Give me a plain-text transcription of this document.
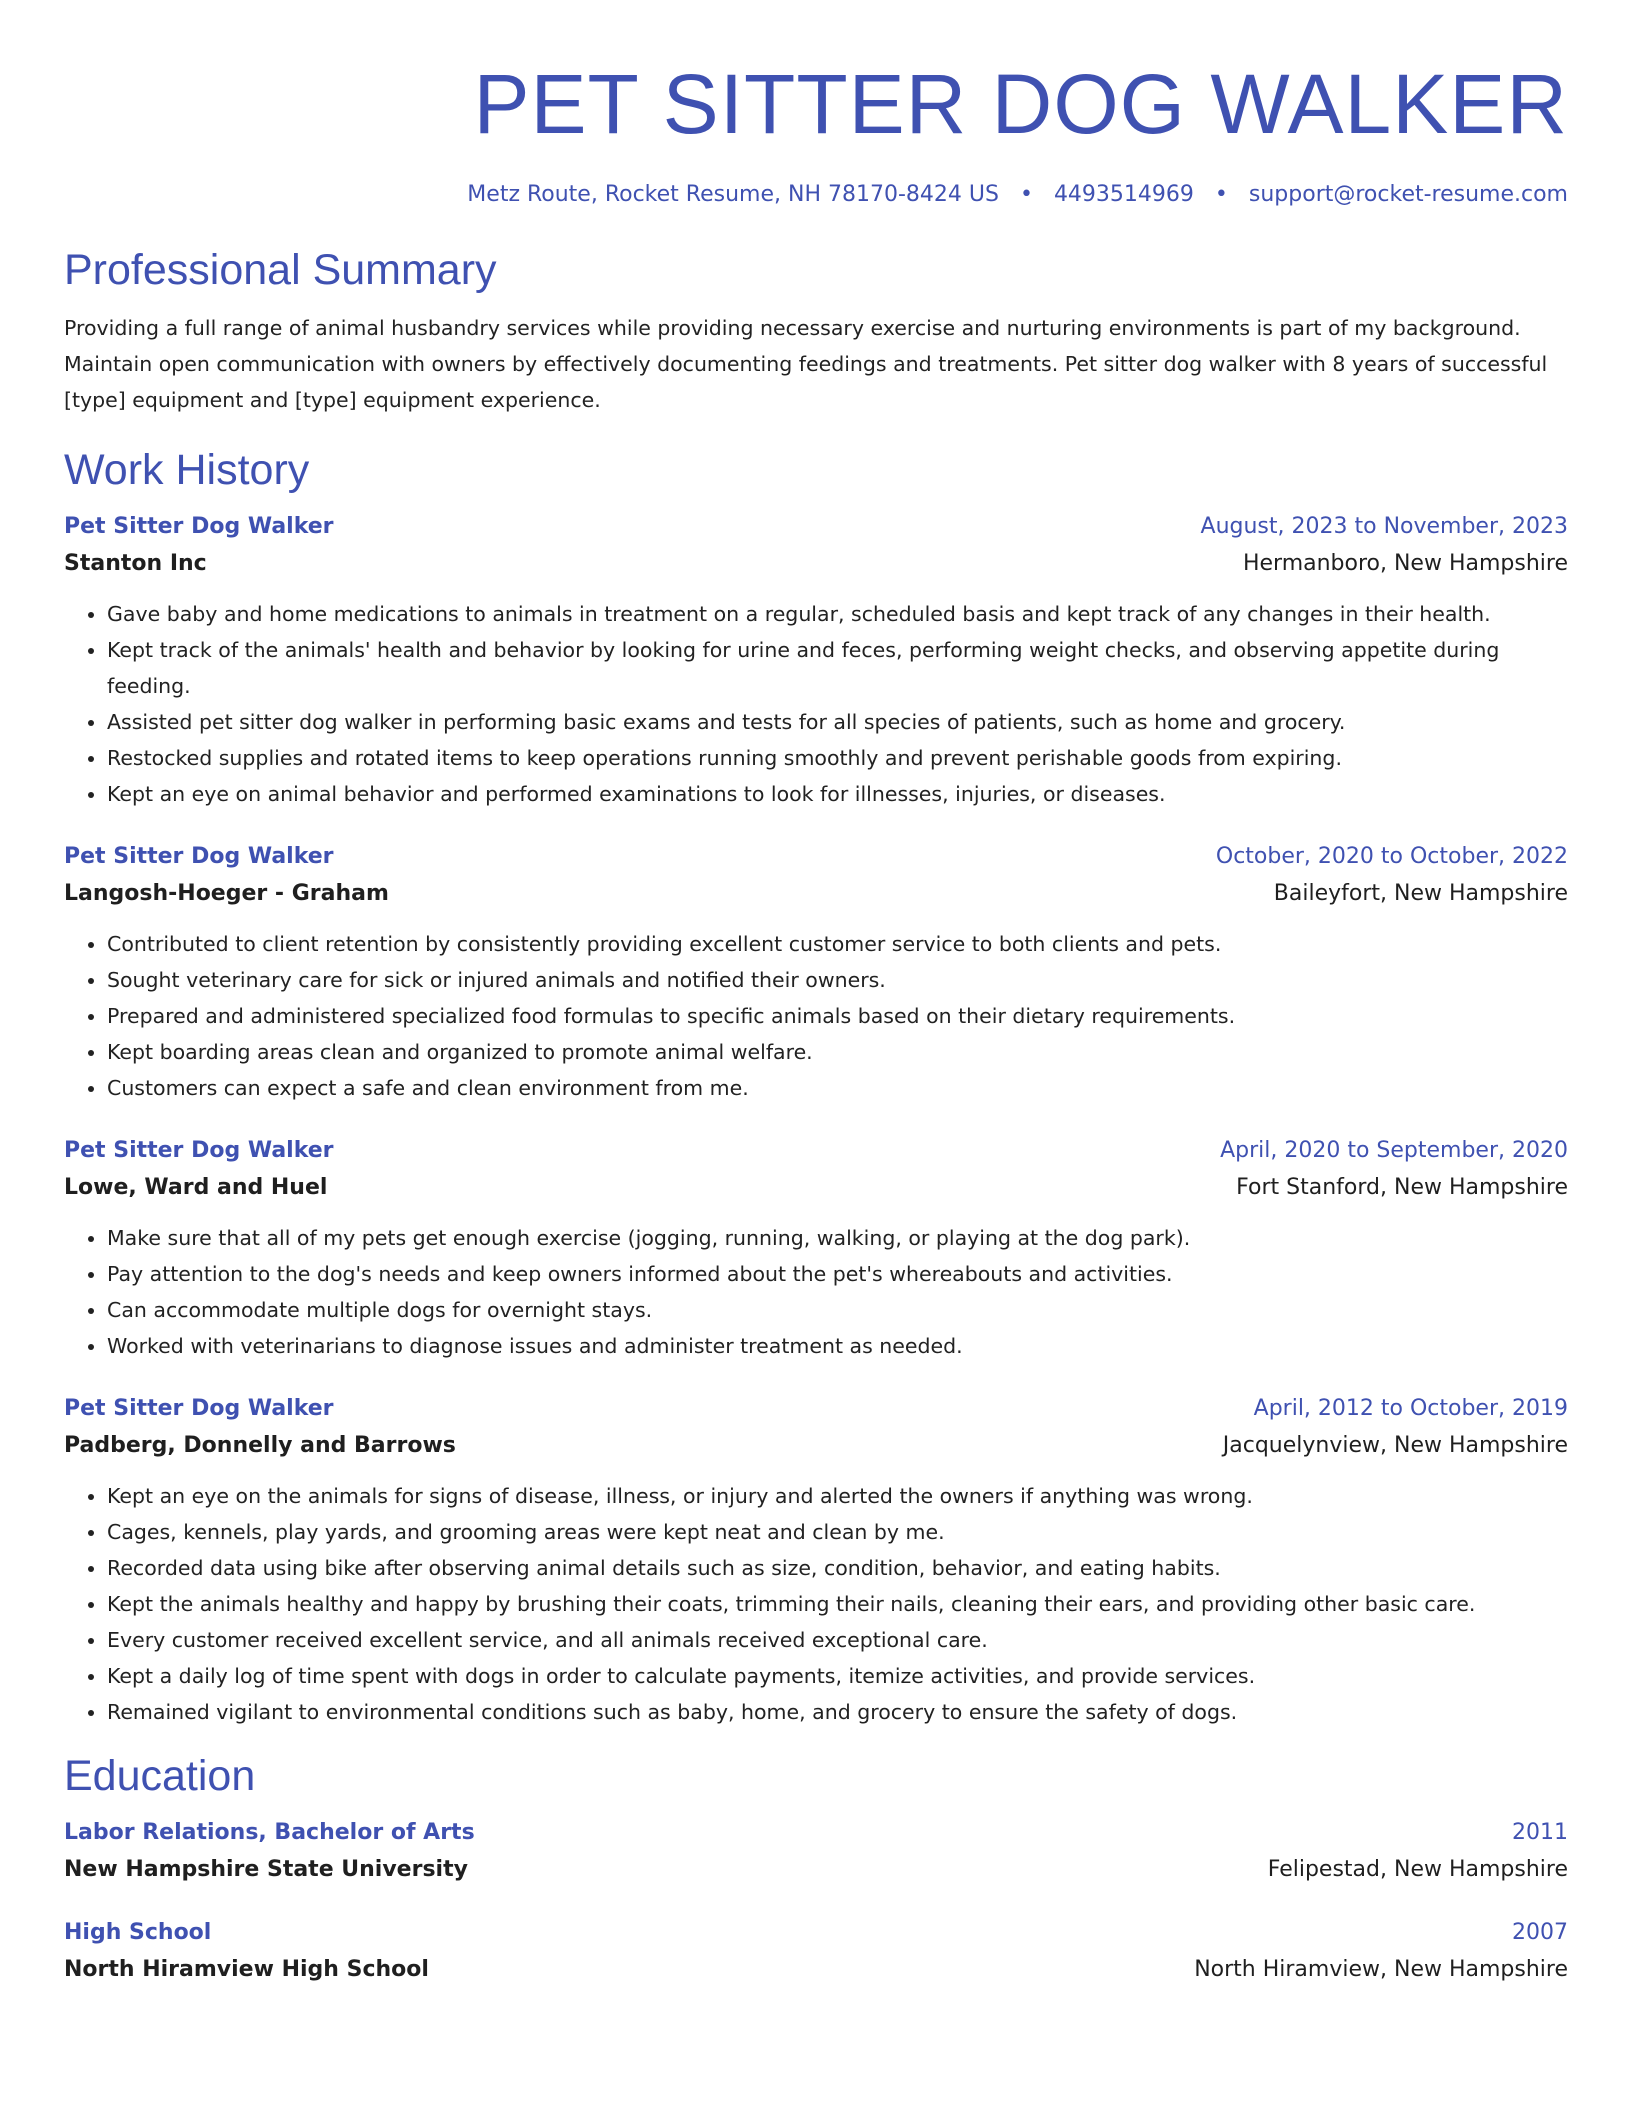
PET SITTER DOG WALKER
Metz Route, Rocket Resume, NH 78170-8424 US • 4493514969 • support@rocket-resume.com
Professional Summary
Providing a full range of animal husbandry services while providing necessary exercise and nurturing environments is part of my background. Maintain open communication with owners by effectively documenting feedings and treatments. Pet sitter dog walker with 8 years of successful [type] equipment and [type] equipment experience.
Work History
Pet Sitter Dog Walker	August, 2023 to November, 2023
Stanton Inc	Hermanboro, New Hampshire
• Gave baby and home medications to animals in treatment on a regular, scheduled basis and kept track of any changes in their health.
• Kept track of the animals' health and behavior by looking for urine and feces, performing weight checks, and observing appetite during feeding.
• Assisted pet sitter dog walker in performing basic exams and tests for all species of patients, such as home and grocery.
• Restocked supplies and rotated items to keep operations running smoothly and prevent perishable goods from expiring.
• Kept an eye on animal behavior and performed examinations to look for illnesses, injuries, or diseases.
Pet Sitter Dog Walker	October, 2020 to October, 2022
Langosh-Hoeger - Graham	Baileyfort, New Hampshire
• Contributed to client retention by consistently providing excellent customer service to both clients and pets.
• Sought veterinary care for sick or injured animals and notified their owners.
• Prepared and administered specialized food formulas to specific animals based on their dietary requirements.
• Kept boarding areas clean and organized to promote animal welfare.
• Customers can expect a safe and clean environment from me.
Pet Sitter Dog Walker	April, 2020 to September, 2020
Lowe, Ward and Huel	Fort Stanford, New Hampshire
• Make sure that all of my pets get enough exercise (jogging, running, walking, or playing at the dog park).
• Pay attention to the dog's needs and keep owners informed about the pet's whereabouts and activities.
• Can accommodate multiple dogs for overnight stays.
• Worked with veterinarians to diagnose issues and administer treatment as needed.
Pet Sitter Dog Walker	April, 2012 to October, 2019
Padberg, Donnelly and Barrows	Jacquelynview, New Hampshire
• Kept an eye on the animals for signs of disease, illness, or injury and alerted the owners if anything was wrong.
• Cages, kennels, play yards, and grooming areas were kept neat and clean by me.
• Recorded data using bike after observing animal details such as size, condition, behavior, and eating habits.
• Kept the animals healthy and happy by brushing their coats, trimming their nails, cleaning their ears, and providing other basic care.
• Every customer received excellent service, and all animals received exceptional care.
• Kept a daily log of time spent with dogs in order to calculate payments, itemize activities, and provide services.
• Remained vigilant to environmental conditions such as baby, home, and grocery to ensure the safety of dogs.
Education
Labor Relations, Bachelor of Arts	2011
New Hampshire State University	Felipestad, New Hampshire
High School	2007
North Hiramview High School	North Hiramview, New Hampshire
